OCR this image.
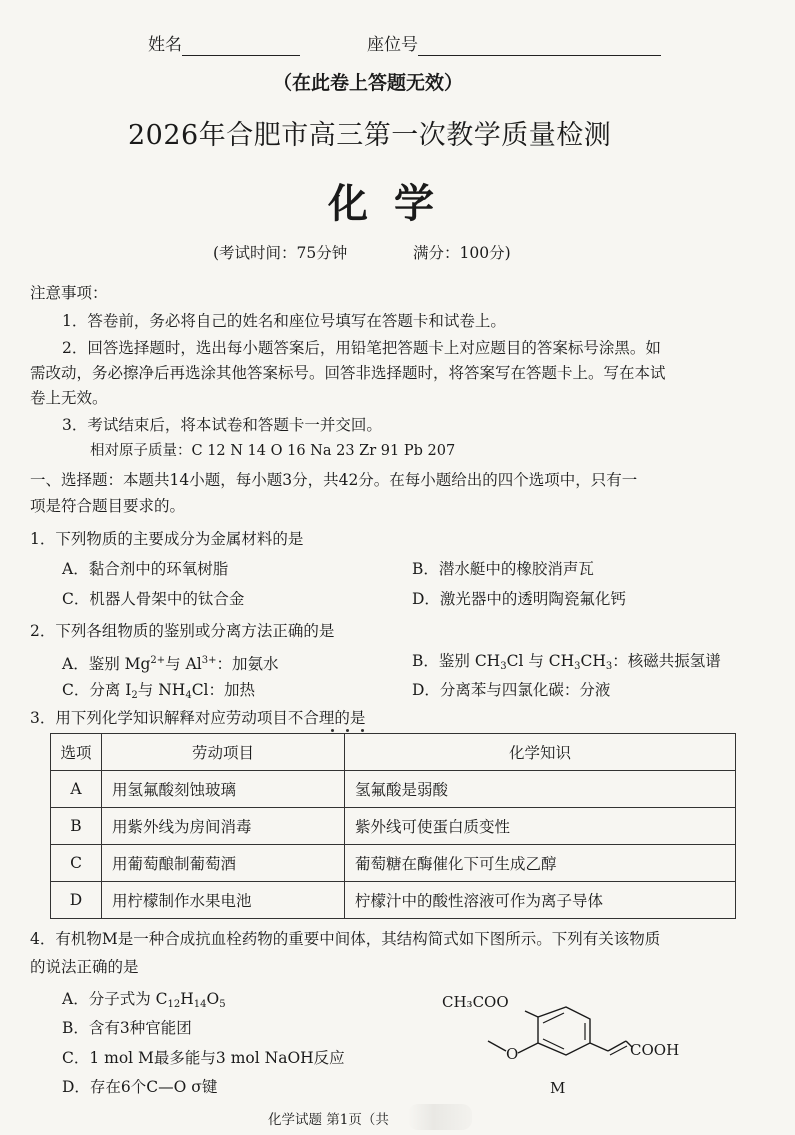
姓名	座位号
（在此卷上答题无效）
2026年合肥市高三第一次教学质量检测
化学
(考试时间：75分钟	满分：100分)
注意事项：
1．答卷前，务必将自己的姓名和座位号填写在答题卡和试卷上。
2．回答选择题时，选出每小题答案后，用铅笔把答题卡上对应题目的答案标号涂黑。如
需改动，务必擦净后再选涂其他答案标号。回答非选择题时，将答案写在答题卡上。写在本试
卷上无效。
3．考试结束后，将本试卷和答题卡一并交回。
相对原子质量：C 12 N 14 O 16 Na 23 Zr 91 Pb 207
一、选择题：本题共14小题，每小题3分，共42分。在每小题给出的四个选项中，只有一
项是符合题目要求的。
1．下列物质的主要成分为金属材料的是
A．黏合剂中的环氧树脂	B．潜水艇中的橡胶消声瓦
C．机器人骨架中的钛合金	D．激光器中的透明陶瓷氟化钙
2．下列各组物质的鉴别或分离方法正确的是
A．鉴别 $Mg^{2+}$与 $Al^{3+}$：加氨水	B．鉴别 $CH_3Cl$ 与 $CH_3CH_3$：核磁共振氢谱
C．分离 $I_2$与 $NH_4Cl$：加热	D．分离苯与四氯化碳：分液
3．用下列化学知识解释对应劳动项目不合理的是
选项	劳动项目	化学知识
A	用氢氟酸刻蚀玻璃	氢氟酸是弱酸
B	用紫外线为房间消毒	紫外线可使蛋白质变性
C	用葡萄酿制葡萄酒	葡萄糖在酶催化下可生成乙醇
D	用柠檬制作水果电池	柠檬汁中的酸性溶液可作为离子导体
4．有机物M是一种合成抗血栓药物的重要中间体，其结构简式如下图所示。下列有关该物质
的说法正确的是
A．分子式为 $C_{12}H_{14}O_5$
B．含有3种官能团
C．1 mol M最多能与3 mol NaOH反应
D．存在6个C—O σ键
CH₃COO
O	COOH
M
化学试题 第1页（共
